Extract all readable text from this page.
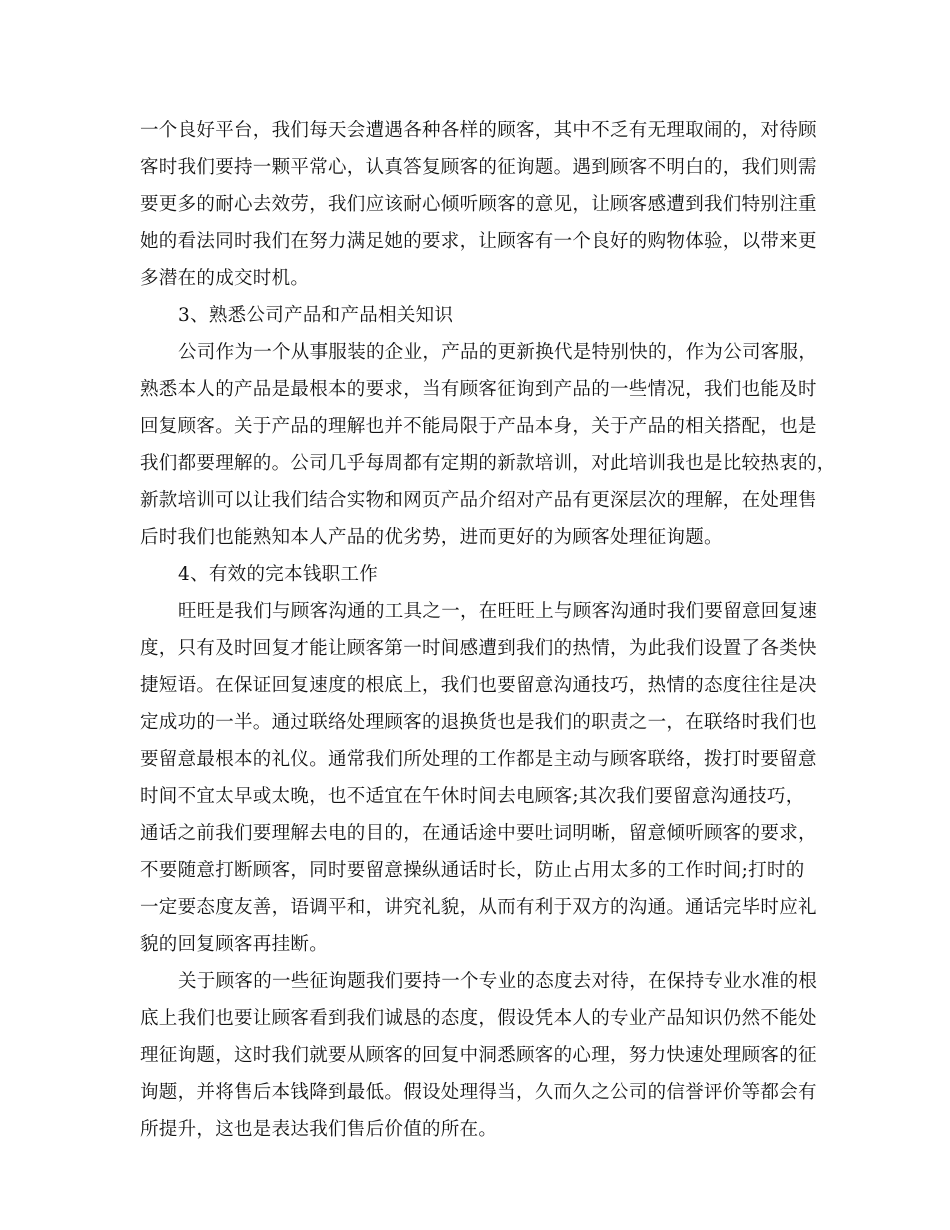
一个良好平台，我们每天会遭遇各种各样的顾客，其中不乏有无理取闹的，对待顾
客时我们要持一颗平常心，认真答复顾客的征询题。遇到顾客不明白的，我们则需
要更多的耐心去效劳，我们应该耐心倾听顾客的意见，让顾客感遭到我们特别注重
她的看法同时我们在努力满足她的要求，让顾客有一个良好的购物体验，以带来更
多潜在的成交时机。
3、熟悉公司产品和产品相关知识
公司作为一个从事服装的企业，产品的更新换代是特别快的，作为公司客服，
熟悉本人的产品是最根本的要求，当有顾客征询到产品的一些情况，我们也能及时
回复顾客。关于产品的理解也并不能局限于产品本身，关于产品的相关搭配，也是
我们都要理解的。公司几乎每周都有定期的新款培训，对此培训我也是比较热衷的，
新款培训可以让我们结合实物和网页产品介绍对产品有更深层次的理解，在处理售
后时我们也能熟知本人产品的优劣势，进而更好的为顾客处理征询题。
4、有效的完本钱职工作
旺旺是我们与顾客沟通的工具之一，在旺旺上与顾客沟通时我们要留意回复速
度，只有及时回复才能让顾客第一时间感遭到我们的热情，为此我们设置了各类快
捷短语。在保证回复速度的根底上，我们也要留意沟通技巧，热情的态度往往是决
定成功的一半。通过联络处理顾客的退换货也是我们的职责之一，在联络时我们也
要留意最根本的礼仪。通常我们所处理的工作都是主动与顾客联络，拨打时要留意
时间不宜太早或太晚，也不适宜在午休时间去电顾客;其次我们要留意沟通技巧，
通话之前我们要理解去电的目的，在通话途中要吐词明晰，留意倾听顾客的要求，
不要随意打断顾客，同时要留意操纵通话时长，防止占用太多的工作时间;打时的
一定要态度友善，语调平和，讲究礼貌，从而有利于双方的沟通。通话完毕时应礼
貌的回复顾客再挂断。
关于顾客的一些征询题我们要持一个专业的态度去对待，在保持专业水准的根
底上我们也要让顾客看到我们诚恳的态度，假设凭本人的专业产品知识仍然不能处
理征询题，这时我们就要从顾客的回复中洞悉顾客的心理，努力快速处理顾客的征
询题，并将售后本钱降到最低。假设处理得当，久而久之公司的信誉评价等都会有
所提升，这也是表达我们售后价值的所在。
